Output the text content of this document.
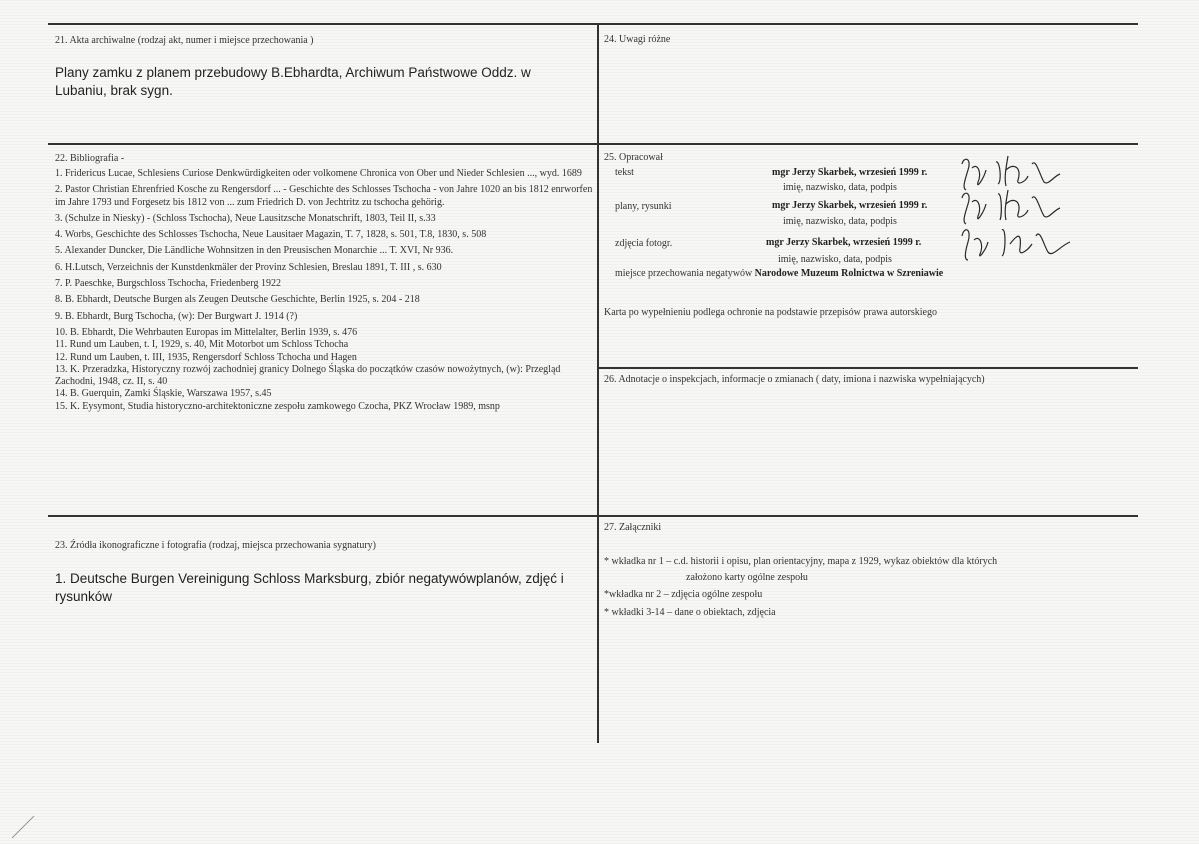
21. Akta archiwalne (rodzaj akt, numer i miejsce przechowania )
Plany zamku z planem przebudowy B.Ebhardta, Archiwum Państwowe Oddz. w Lubaniu, brak sygn.
24. Uwagi różne
22. Bibliografia -
1. Fridericus Lucae, Schlesiens Curiose Denkwürdigkeiten oder volkomene Chronica von Ober und Nieder Schlesien ..., wyd. 1689
2. Pastor Christian Ehrenfried Kosche zu Rengersdorf ... - Geschichte des Schlosses Tschocha - von Jahre 1020 an bis 1812 enrworfen im Jahre 1793 und Forgesetz bis 1812 von ... zum Friedrich D. von Jechtritz zu tschocha gehörig.
3. (Schulze in Niesky) - (Schloss Tschocha), Neue Lausitzsche Monatschrift, 1803, Teil II, s.33
4. Worbs, Geschichte des Schlosses Tschocha, Neue Lausitaer Magazin, T. 7, 1828, s. 501, T.8, 1830, s. 508
5. Alexander Duncker, Die Ländliche Wohnsitzen in den Preusischen Monarchie ... T. XVI, Nr 936.
6. H.Lutsch, Verzeichnis der Kunstdenkmäler der Provinz Schlesien, Breslau 1891, T. III , s. 630
7. P. Paeschke, Burgschloss Tschocha, Friedenberg 1922
8. B. Ebhardt, Deutsche Burgen als Zeugen Deutsche Geschichte, Berlin 1925, s. 204 - 218
9. B. Ebhardt, Burg Tschocha, (w): Der Burgwart J. 1914 (?)
10. B. Ebhardt, Die Wehrbauten Europas im Mittelalter, Berlin 1939, s. 476
11. Rund um Lauben, t. I, 1929, s. 40, Mit Motorbot um Schloss Tchocha
12. Rund um Lauben, t. III, 1935, Rengersdorf Schloss Tchocha und Hagen
13. K. Przeradzka, Historyczny rozwój zachodniej granicy Dolnego Śląska do początków czasów nowożytnych, (w): Przegląd Zachodni, 1948, cz. II, s. 40
14. B. Guerquin, Zamki Śląskie, Warszawa 1957, s.45
15. K. Eysymont, Studia historyczno-architektoniczne zespołu zamkowego Czocha, PKZ Wrocław 1989, msnp
25. Opracował
tekst	mgr Jerzy Skarbek, wrzesień 1999 r.
imię, nazwisko, data, podpis
plany, rysunki	mgr Jerzy Skarbek, wrzesień 1999 r.
imię, nazwisko, data, podpis
zdjęcia fotogr.	mgr Jerzy Skarbek, wrzesień 1999 r.
imię, nazwisko, data, podpis
miejsce przechowania negatywów Narodowe Muzeum Rolnictwa w Szreniawie
Karta po wypełnieniu podlega ochronie na podstawie przepisów prawa autorskiego
26. Adnotacje o inspekcjach, informacje o zmianach ( daty, imiona i nazwiska wypełniających)
23. Źródła ikonograficzne i fotografia (rodzaj, miejsca przechowania sygnatury)
1. Deutsche Burgen Vereinigung Schloss Marksburg, zbiór negatywówplanów, zdjęć i rysunków
27. Załączniki
* wkładka nr 1 – c.d. historii i opisu, plan orientacyjny, mapa z 1929, wykaz obiektów dla których
założono karty ogólne zespołu
*wkładka nr 2 – zdjęcia ogólne zespołu
* wkładki 3-14 – dane o obiektach, zdjęcia
